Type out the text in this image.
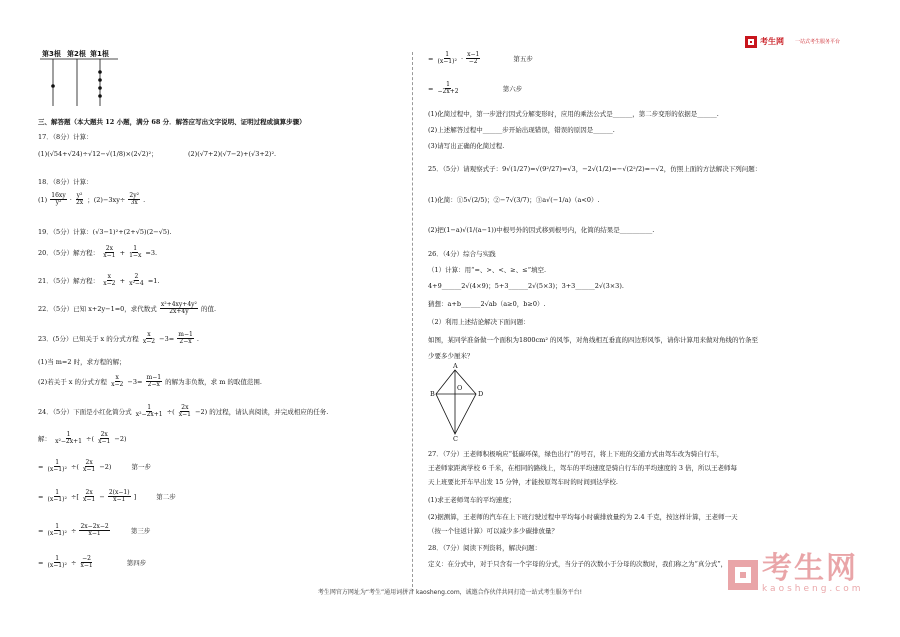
考生网 一站式考生服务平台
第3根 第2根 第1根
三、解答题（本大题共 12 小题，满分 68 分．解答应写出文字说明、证明过程或演算步骤）
17．（8分）计算：
(1)(√54+√24)÷√12−√(1/8)×(2√2)²；	(2)(√7+2)(√7−2)+(√3+2)².
18．（8分）计算：
$(1) \frac{16xy}{\text{y²}} \cdot \frac{\text{y²}}{2x}$ ；$(2)-3xy\div \frac{\text{2y²}}{3x}$ .
19．（5分）计算：(√3−1)²+(2+√5)(2−√5).
20．（5分）解方程： $\frac{2x}{x-1} + \frac{1}{1-x} =3$.
21．（5分）解方程： $\frac{x}{x-2} + \frac{2}{\text{x²−4}} =1$.
22．（5分）已知 x+2y−1=0，求代数式 $\frac{\text{x²+4xy+4y²}}{2x+4y}$ 的值.
23．(5分）已知关于 x 的分式方程 $\frac{x}{x-2} -3= \frac{m-1}{2-x}$ .
(1)当 m=2 时，求方程的解；
(2)若关于 x 的分式方程 $\frac{x}{x-2} -3= \frac{m-1}{2-x}$ 的解为非负数，求 m 的取值范围.
24．（5分）下面是小红化简分式 $\frac{1}{\text{x²−2x+1}}$ ÷( $\frac{2x}{x-1} -2$) 的过程，请认真阅读，并完成相应的任务.
解： $\frac{1}{\text{x²−2x+1}}$ ÷( $\frac{2x}{x-1} -2$)
= $\frac{1}{\text{(x−1)²}}$ ÷( $\frac{2x}{x-1} -2$)	第一步
= $\frac{1}{\text{(x−1)²}}$ ÷[ $\frac{2x}{x-1} - \frac{2(x-1)}{x-1}$ ]	第二步
= $\frac{1}{\text{(x−1)²}} \div \frac{2x-2x-2}{x-1}$	第三步
= $\frac{1}{\text{(x−1)²}} \div \frac{-2}{x-1}$	第四步
= $\frac{1}{\text{(x−1)²}} \cdot \frac{x-1}{-2}$	第五步
= $\frac{1}{-2x+2}$	第六步
(1)化简过程中，第一步进行因式分解变形时，应用的乘法公式是______，第二步变形的依据是______.
(2)上述解答过程中______步开始出现错误，错误的原因是______.
(3)请写出正确的化简过程.
25．（5分）请观察式子：9√(1/27)=√(9²/27)=√3，−2√(1/2)=−√(2²/2)=−√2，仿照上面的方法解决下列问题：
(1)化简：①5√(2/5)；②−7√(3/7)；③a√(−1/a)（a<0）.
(2)把(1−a)√(1/(a−1))中根号外的因式移到根号内，化简的结果是__________.
26．（4分）综合与实践
（1）计算：用“=、>、<、≥、≤”填空.
4+9______2√(4×9)；5+3______2√(5×3)；3+3______2√(3×3).
猜想：a+b______2√ab（a≥0，b≥0）.
（2）利用上述结论解决下面问题：
如图，某同学准备做一个面积为1800cm² 的风筝，对角线相互垂直的四边形风筝，请你计算用来做对角线的竹条至
少要多少厘米？
A
B	D
O
C
27．（7分）王老师积极响应“低碳环保，绿色出行”的号召，将上下班的交通方式由驾车改为骑自行车，
王老师家距离学校 6 千米，在相同的路线上，驾车的平均速度是骑自行车的平均速度的 3 倍，所以王老师每
天上班要比开车早出发 15 分钟，才能按原驾车时的时间到达学校.
(1)求王老师驾车的平均速度；
(2)据测算，王老师的汽车在上下班行驶过程中平均每小时碳排放量约为 2.4 千克，按这样计算，王老师一天
（按一个往返计算）可以减少多少碳排放量？
28．（7分）阅读下列资料，解决问题：
定义：在分式中，对于只含有一个字母的分式，当分子的次数小于分母的次数时，我们称之为“真分式”， 考生网
kaosheng.com
考生网官方网址为“考生”通用词拼音 kaosheng.com，诚邀合作伙伴共同打造一站式考生服务平台!
